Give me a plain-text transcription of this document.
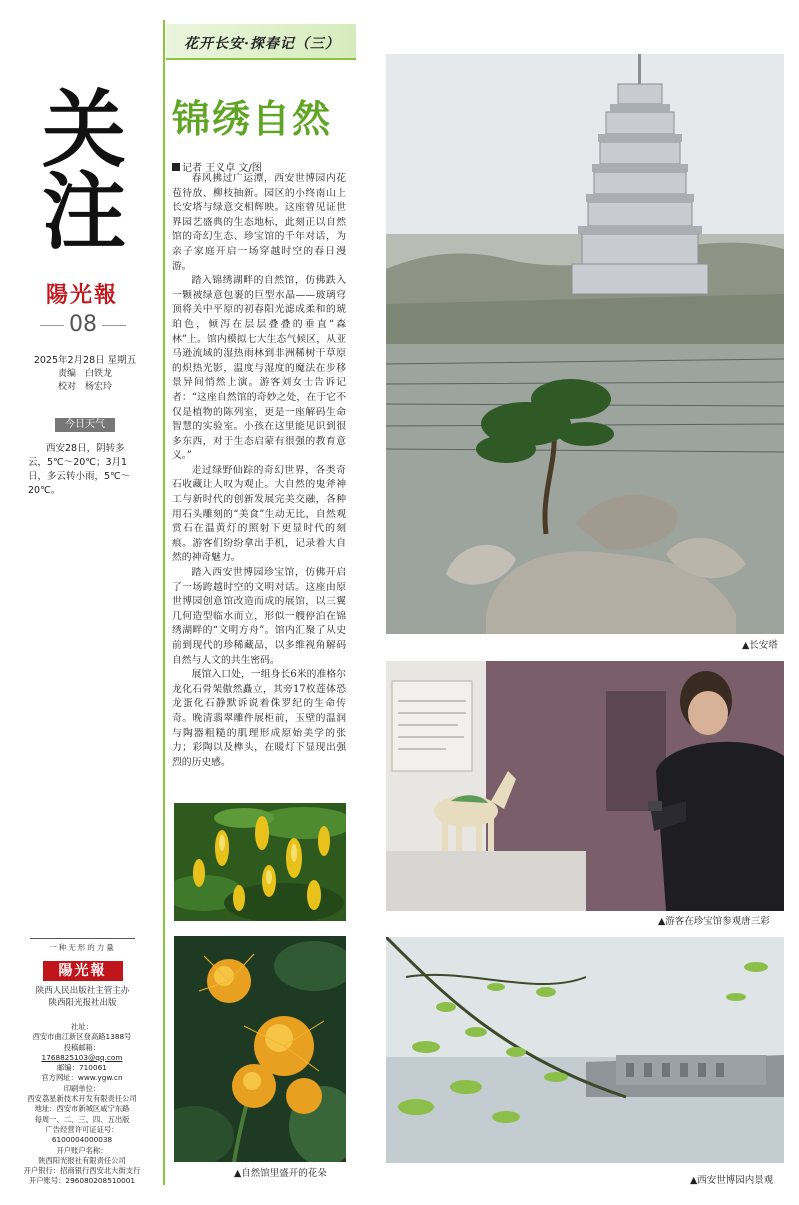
关
注
陽光報
08
2025年2月28日 星期五
责编　白铁龙
校对　杨宏玲
今日天气
西安28日，阴转多云，5℃～20℃；3月1日，多云转小雨，5℃～20℃。
一种无形的力量
陽光報
陕西人民出版社主管主办
陕西阳光报社出版
社址：
西安市曲江新区登高路1388号
投稿邮箱：
1768825103@qq.com
邮编：710061
官方网址：www.ygw.cn
印刷单位：
西安荔星新技术开发有限责任公司
地址：西安市新城区咸宁东路
每周一、二、三、四、五出版
广告经营许可证证号：
6100004000038
开户账户名称：
陕西阳光报社有限责任公司
开户银行：招商银行西安北大街支行
开户账号：296080208510001
花开长安·探春记（三）
锦绣自然
记者 王义卓 文/图

春风拂过广运潭，西安世博园内花苞待放、柳枝抽新。园区的小终南山上长安塔与绿意交相辉映。这座曾见证世界园艺盛典的生态地标，此刻正以自然馆的奇幻生态、珍宝馆的千年对话，为亲子家庭开启一场穿越时空的春日漫游。

踏入锦绣湖畔的自然馆，仿佛跌入一颗被绿意包裹的巨型水晶——玻璃穹顶将关中平原的初春阳光滤成柔和的琥珀色，倾泻在层层叠叠的垂直“森林”上。馆内模拟七大生态气候区，从亚马逊流域的湿热雨林到非洲稀树干草原的炽热光影，温度与湿度的魔法在步移景异间悄然上演。游客刘女士告诉记者：“这座自然馆的奇妙之处，在于它不仅是植物的陈列室，更是一座解码生命智慧的实验室。小孩在这里能见识到很多东西，对于生态启蒙有很强的教育意义。”

走过绿野仙踪的奇幻世界，各类奇石收藏让人叹为观止。大自然的鬼斧神工与新时代的创新发展完美交融，各种用石头雕刻的“美食”生动无比，自然观赏石在温黄灯的照射下更显时代的刻痕。游客们纷纷拿出手机，记录着大自然的神奇魅力。

踏入西安世博园珍宝馆，仿佛开启了一场跨越时空的文明对话。这座由原世博园创意馆改造而成的展馆，以三翼几何造型临水而立，形似一艘停泊在锦绣湖畔的“文明方舟”。馆内汇聚了从史前到现代的珍稀藏品，以多维视角解码自然与人文的共生密码。

展馆入口处，一组身长6米的准格尔龙化石骨架傲然矗立，其旁17枚莲体恐龙蛋化石静默诉说着侏罗纪的生命传奇。晚清翡翠雕件展柜前，玉壁的温润与陶器粗糙的肌理形成原始美学的张力；彩陶以及榫头，在暖灯下显现出强烈的历史感。

▲自然馆里盛开的花朵
▲长安塔
▲游客在珍宝馆参观唐三彩
▲西安世博园内景观
